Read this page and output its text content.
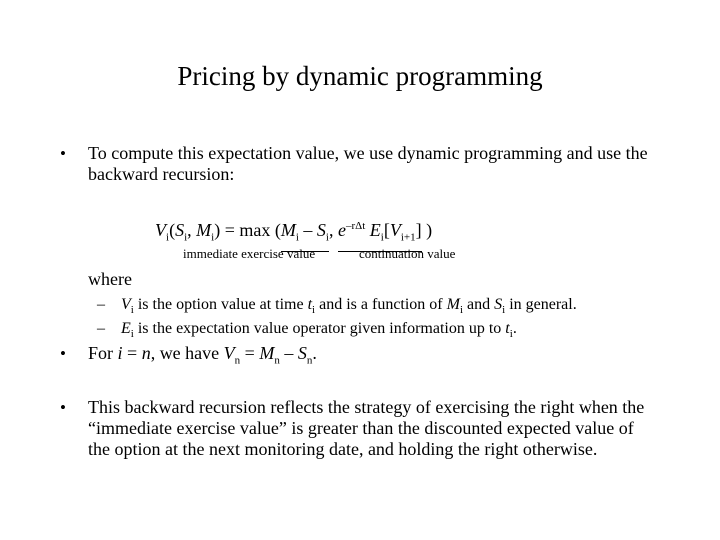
Pricing by dynamic programming
• To compute this expectation value, we use dynamic programming and use the backward recursion:
$V_i(S_i$, $M_i) = \max (M_i - S_i$, $e^{-r\Delta t}$ $E_i[V_{i+1}]$ )
immediate exercise value	continuation value
where
– $V_i$ is the option value at time $t_i$ and is a function of $M_i$ and $S_i$ in general.
– $E_i$ is the expectation value operator given information up to $t_i$.
• For i = n, we have $V_n = M_n - S_n$.
• This backward recursion reflects the strategy of exercising the right when the “immediate exercise value” is greater than the discounted expected value of the option at the next monitoring date, and holding the right otherwise.
